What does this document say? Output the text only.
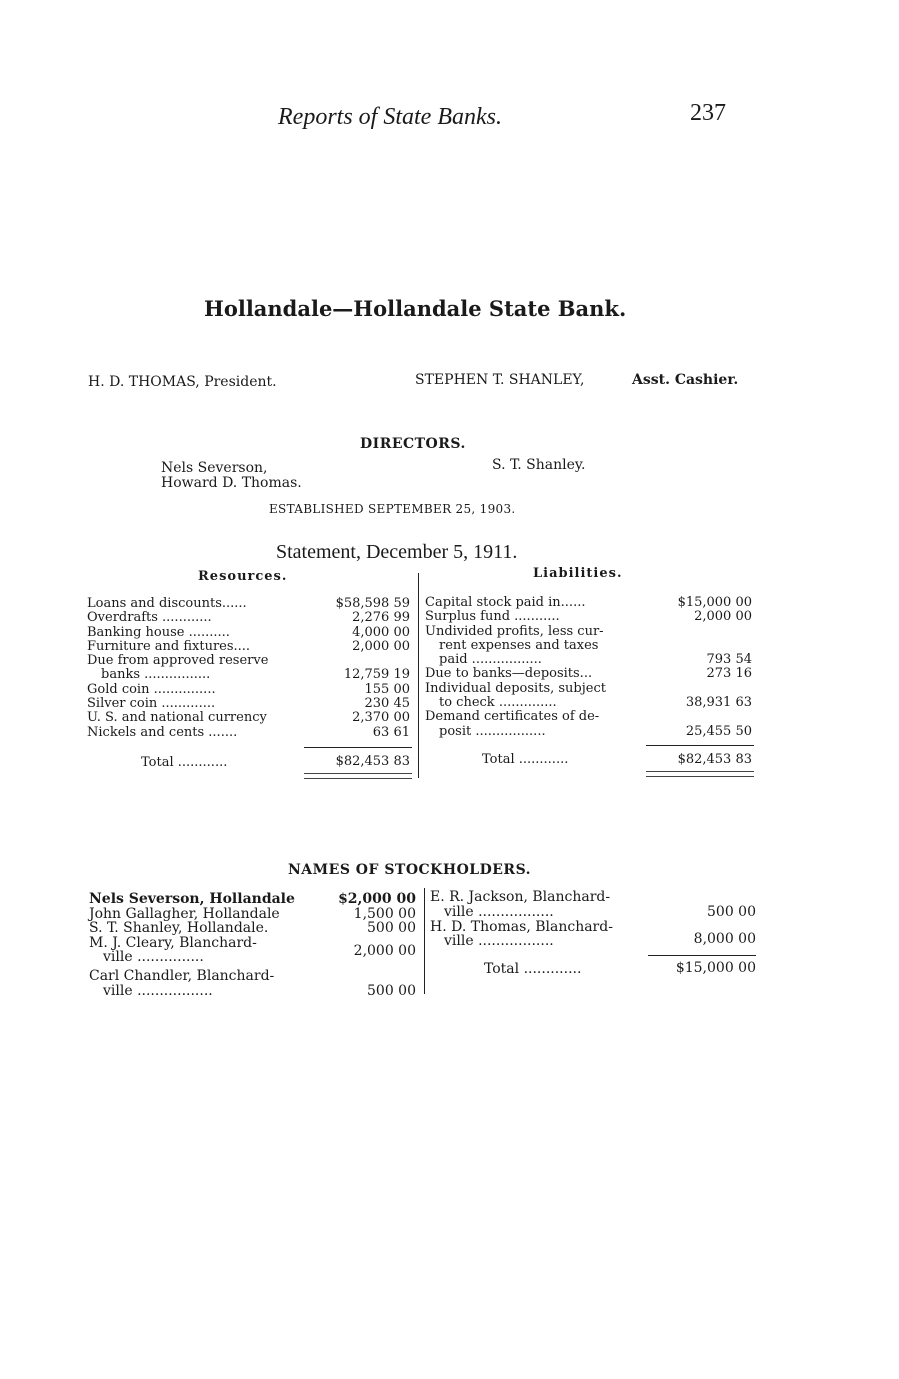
Reports of State Banks.	237
Hollandale—Hollandale State Bank.
H. D. THOMAS, President.	STEPHEN T. SHANLEY,	Asst. Cashier.
DIRECTORS.
Nels Severson,
Howard D. Thomas.
S. T. Shanley.
ESTABLISHED SEPTEMBER 25, 1903.
Statement, December 5, 1911.
Resources.	Liabilities.
Loans and discounts......	$58,598 59
Overdrafts ............	2,276 99
Banking house ..........	4,000 00
Furniture and fixtures....	2,000 00
Due from approved reserve
banks ................	12,759 19
Gold coin ...............	155 00
Silver coin .............	230 45
U. S. and national currency	2,370 00
Nickels and cents .......	63 61
Total ............	$82,453 83
Capital stock paid in......	$15,000 00
Surplus fund ...........	2,000 00
Undivided profits, less cur-
rent expenses and taxes
paid .................	793 54
Due to banks—deposits...	273 16
Individual deposits, subject
to check ..............	38,931 63
Demand certificates of de-
posit .................	25,455 50
Total ............	$82,453 83
NAMES OF STOCKHOLDERS.
Nels Severson, Hollandale	$2,000 00
John Gallagher, Hollandale	1,500 00
S. T. Shanley, Hollandale.	500 00
M. J. Cleary, Blanchard-
ville ...............	2,000 00
Carl Chandler, Blanchard-
ville .................	500 00
E. R. Jackson, Blanchard-
ville .................	500 00
H. D. Thomas, Blanchard-
ville .................	8,000 00
Total .............	$15,000 00
